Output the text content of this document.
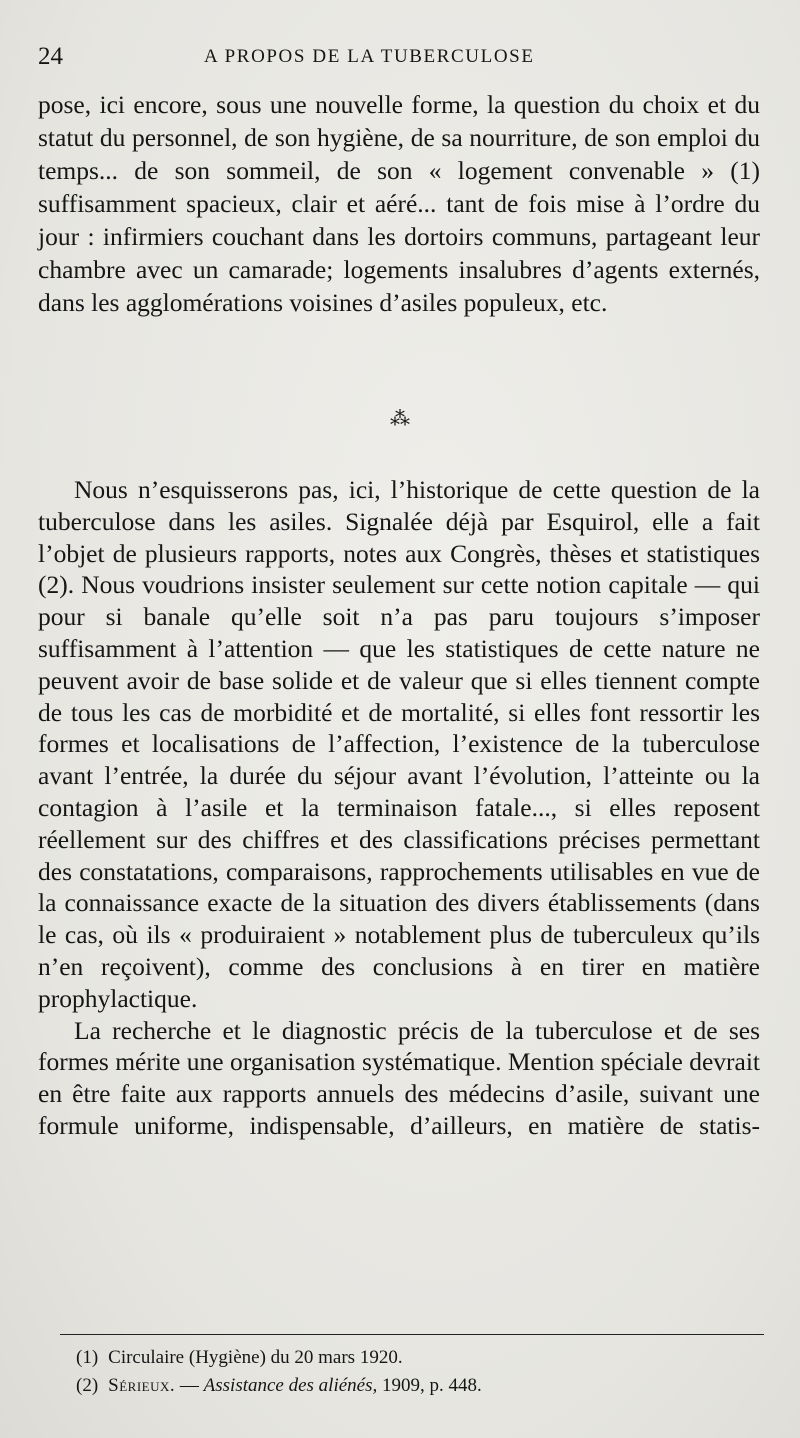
24	A PROPOS DE LA TUBERCULOSE

pose, ici encore, sous une nouvelle forme, la question du choix et du statut du personnel, de son hygiène, de sa nourriture, de son emploi du temps... de son sommeil, de son « logement convenable » (1) suffisamment spacieux, clair et aéré... tant de fois mise à l’ordre du jour : infirmiers couchant dans les dortoirs communs, partageant leur chambre avec un camarade; logements insalubres d’agents externés, dans les agglomérations voisines d’asiles populeux, etc.

⁂

Nous n’esquisserons pas, ici, l’historique de cette question de la tuberculose dans les asiles. Signalée déjà par Esquirol, elle a fait l’objet de plusieurs rapports, notes aux Congrès, thèses et statistiques (2). Nous voudrions insister seulement sur cette notion capitale — qui pour si banale qu’elle soit n’a pas paru toujours s’imposer suffisamment à l’attention — que les statistiques de cette nature ne peuvent avoir de base solide et de valeur que si elles tiennent compte de tous les cas de morbidité et de mortalité, si elles font ressortir les formes et localisations de l’affection, l’existence de la tuberculose avant l’entrée, la durée du séjour avant l’évolution, l’atteinte ou la contagion à l’asile et la terminaison fatale..., si elles reposent réellement sur des chiffres et des classifications précises permettant des constatations, comparaisons, rapprochements utilisables en vue de la connaissance exacte de la situation des divers établissements (dans le cas, où ils « produiraient » notablement plus de tuberculeux qu’ils n’en reçoivent), comme des conclusions à en tirer en matière prophylactique.

La recherche et le diagnostic précis de la tuberculose et de ses formes mérite une organisation systématique. Mention spéciale devrait en être faite aux rapports annuels des médecins d’asile, suivant une formule uniforme, indispensable, d’ailleurs, en matière de statis-

(1) Circulaire (Hygiène) du 20 mars 1920.
(2) Sérieux. — Assistance des aliénés, 1909, p. 448.
